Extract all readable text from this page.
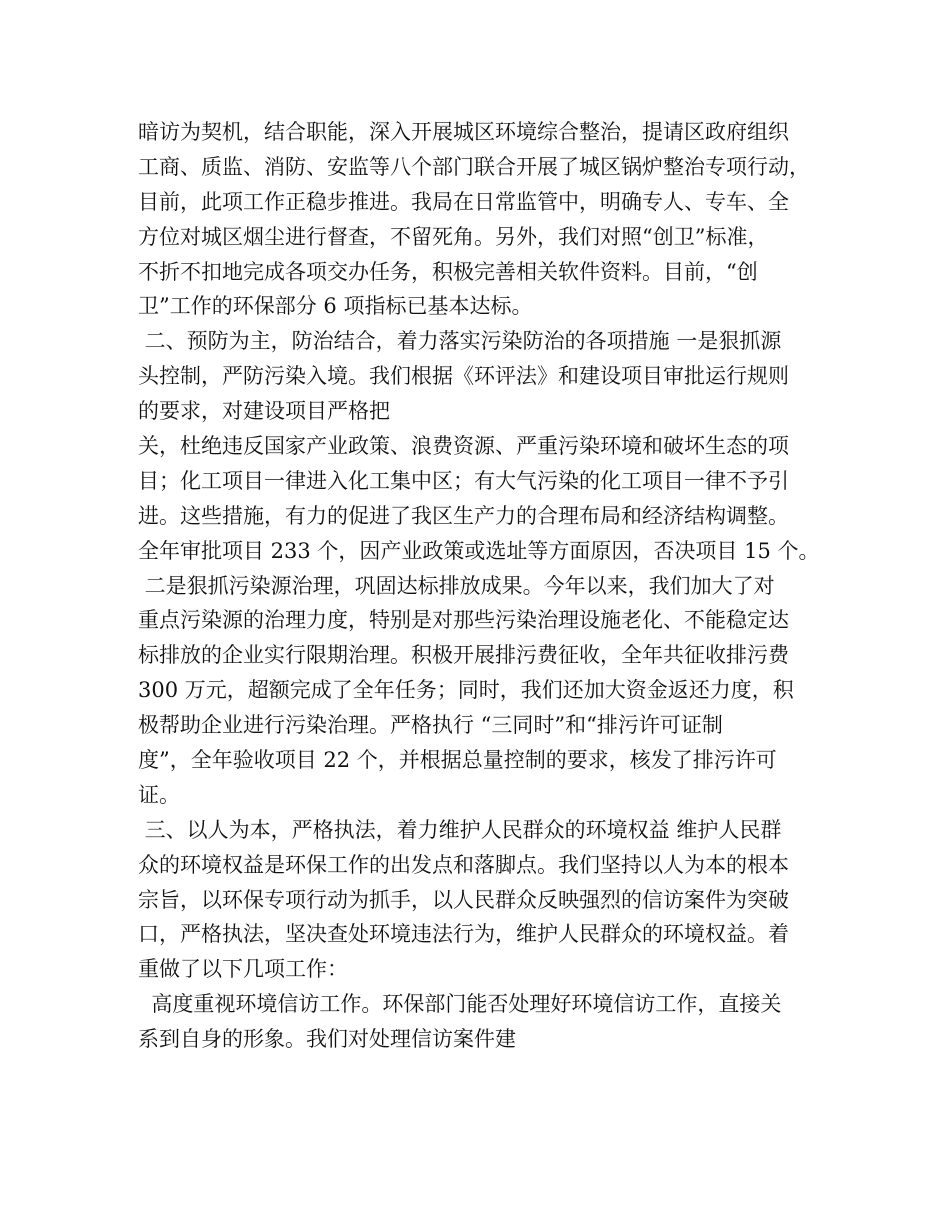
暗访为契机，结合职能，深入开展城区环境综合整治，提请区政府组织
工商、质监、消防、安监等八个部门联合开展了城区锅炉整治专项行动，
目前，此项工作正稳步推进。我局在日常监管中，明确专人、专车、全
方位对城区烟尘进行督查，不留死角。另外，我们对照“创卫”标准，
不折不扣地完成各项交办任务，积极完善相关软件资料。目前，“创
卫”工作的环保部分 6 项指标已基本达标。
二、预防为主，防治结合，着力落实污染防治的各项措施 一是狠抓源
头控制，严防污染入境。我们根据《环评法》和建设项目审批运行规则
的要求，对建设项目严格把
关，杜绝违反国家产业政策、浪费资源、严重污染环境和破坏生态的项
目；化工项目一律进入化工集中区；有大气污染的化工项目一律不予引
进。这些措施，有力的促进了我区生产力的合理布局和经济结构调整。
全年审批项目 233 个，因产业政策或选址等方面原因，否决项目 15 个。
二是狠抓污染源治理，巩固达标排放成果。今年以来，我们加大了对
重点污染源的治理力度，特别是对那些污染治理设施老化、不能稳定达
标排放的企业实行限期治理。积极开展排污费征收，全年共征收排污费
300 万元，超额完成了全年任务；同时，我们还加大资金返还力度，积
极帮助企业进行污染治理。严格执行 “三同时”和“排污许可证制
度”，全年验收项目 22 个，并根据总量控制的要求，核发了排污许可
证。
三、以人为本，严格执法，着力维护人民群众的环境权益 维护人民群
众的环境权益是环保工作的出发点和落脚点。我们坚持以人为本的根本
宗旨，以环保专项行动为抓手，以人民群众反映强烈的信访案件为突破
口，严格执法，坚决查处环境违法行为，维护人民群众的环境权益。着
重做了以下几项工作：
高度重视环境信访工作。环保部门能否处理好环境信访工作，直接关
系到自身的形象。我们对处理信访案件建
